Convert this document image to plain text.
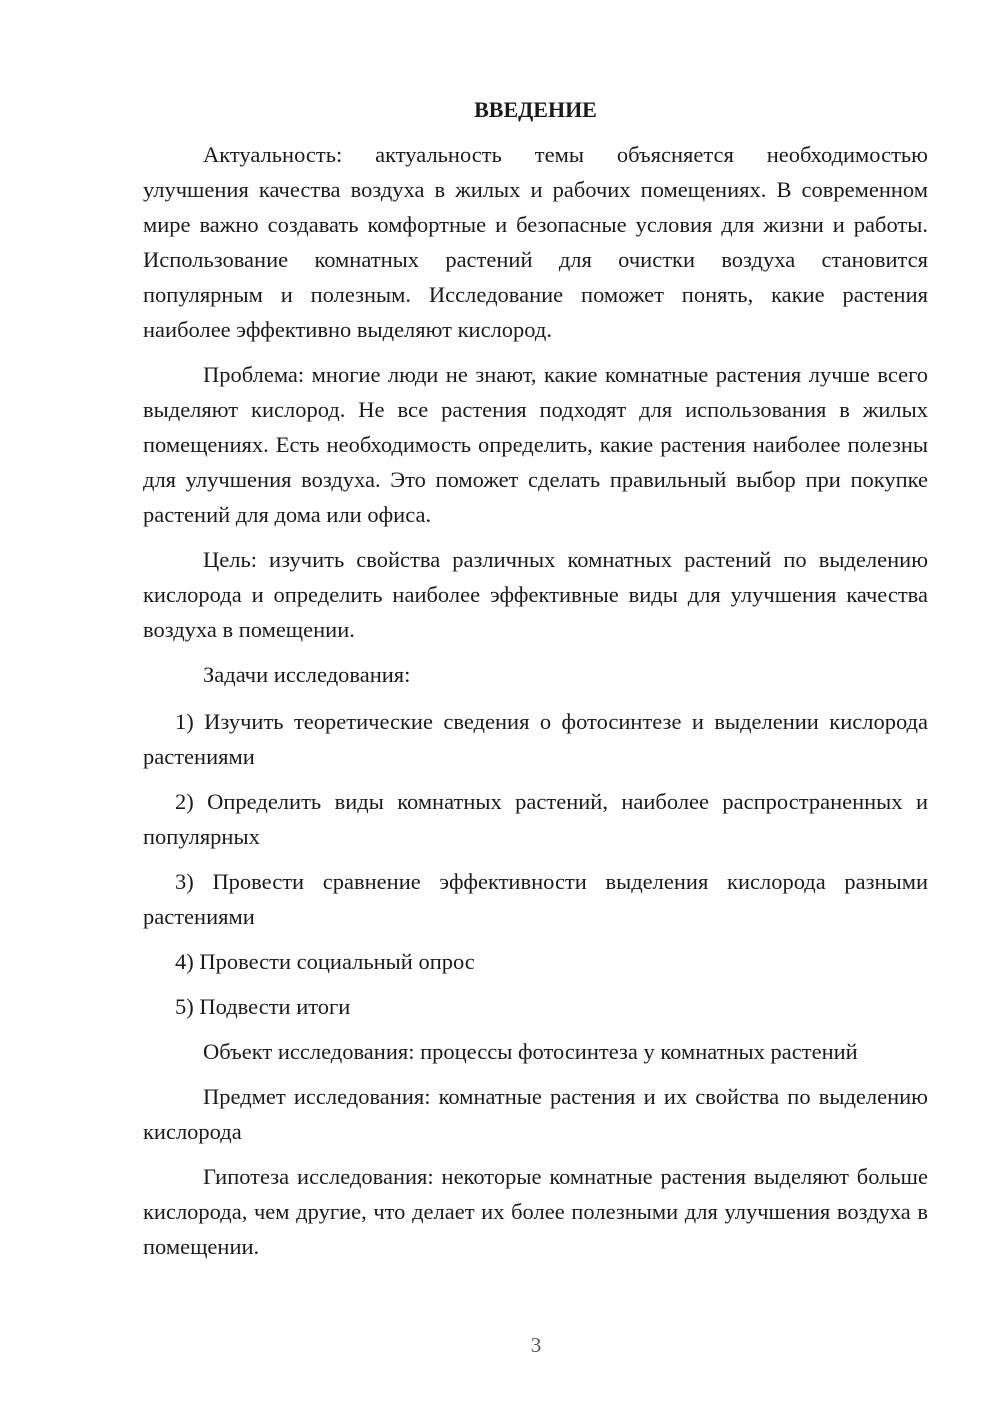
ВВЕДЕНИЕ

Актуальность: актуальность темы объясняется необходимостью улучшения качества воздуха в жилых и рабочих помещениях. В современном мире важно создавать комфортные и безопасные условия для жизни и работы. Использование комнатных растений для очистки воздуха становится популярным и полезным. Исследование поможет понять, какие растения наиболее эффективно выделяют кислород.

Проблема: многие люди не знают, какие комнатные растения лучше всего выделяют кислород. Не все растения подходят для использования в жилых помещениях. Есть необходимость определить, какие растения наиболее полезны для улучшения воздуха. Это поможет сделать правильный выбор при покупке растений для дома или офиса.

Цель: изучить свойства различных комнатных растений по выделению кислорода и определить наиболее эффективные виды для улучшения качества воздуха в помещении.

Задачи исследования:

1) Изучить теоретические сведения о фотосинтезе и выделении кислорода растениями

2) Определить виды комнатных растений, наиболее распространенных и популярных

3) Провести сравнение эффективности выделения кислорода разными растениями

4) Провести социальный опрос

5) Подвести итоги

Объект исследования: процессы фотосинтеза у комнатных растений

Предмет исследования: комнатные растения и их свойства по выделению кислорода

Гипотеза исследования: некоторые комнатные растения выделяют больше кислорода, чем другие, что делает их более полезными для улучшения воздуха в помещении.

3
